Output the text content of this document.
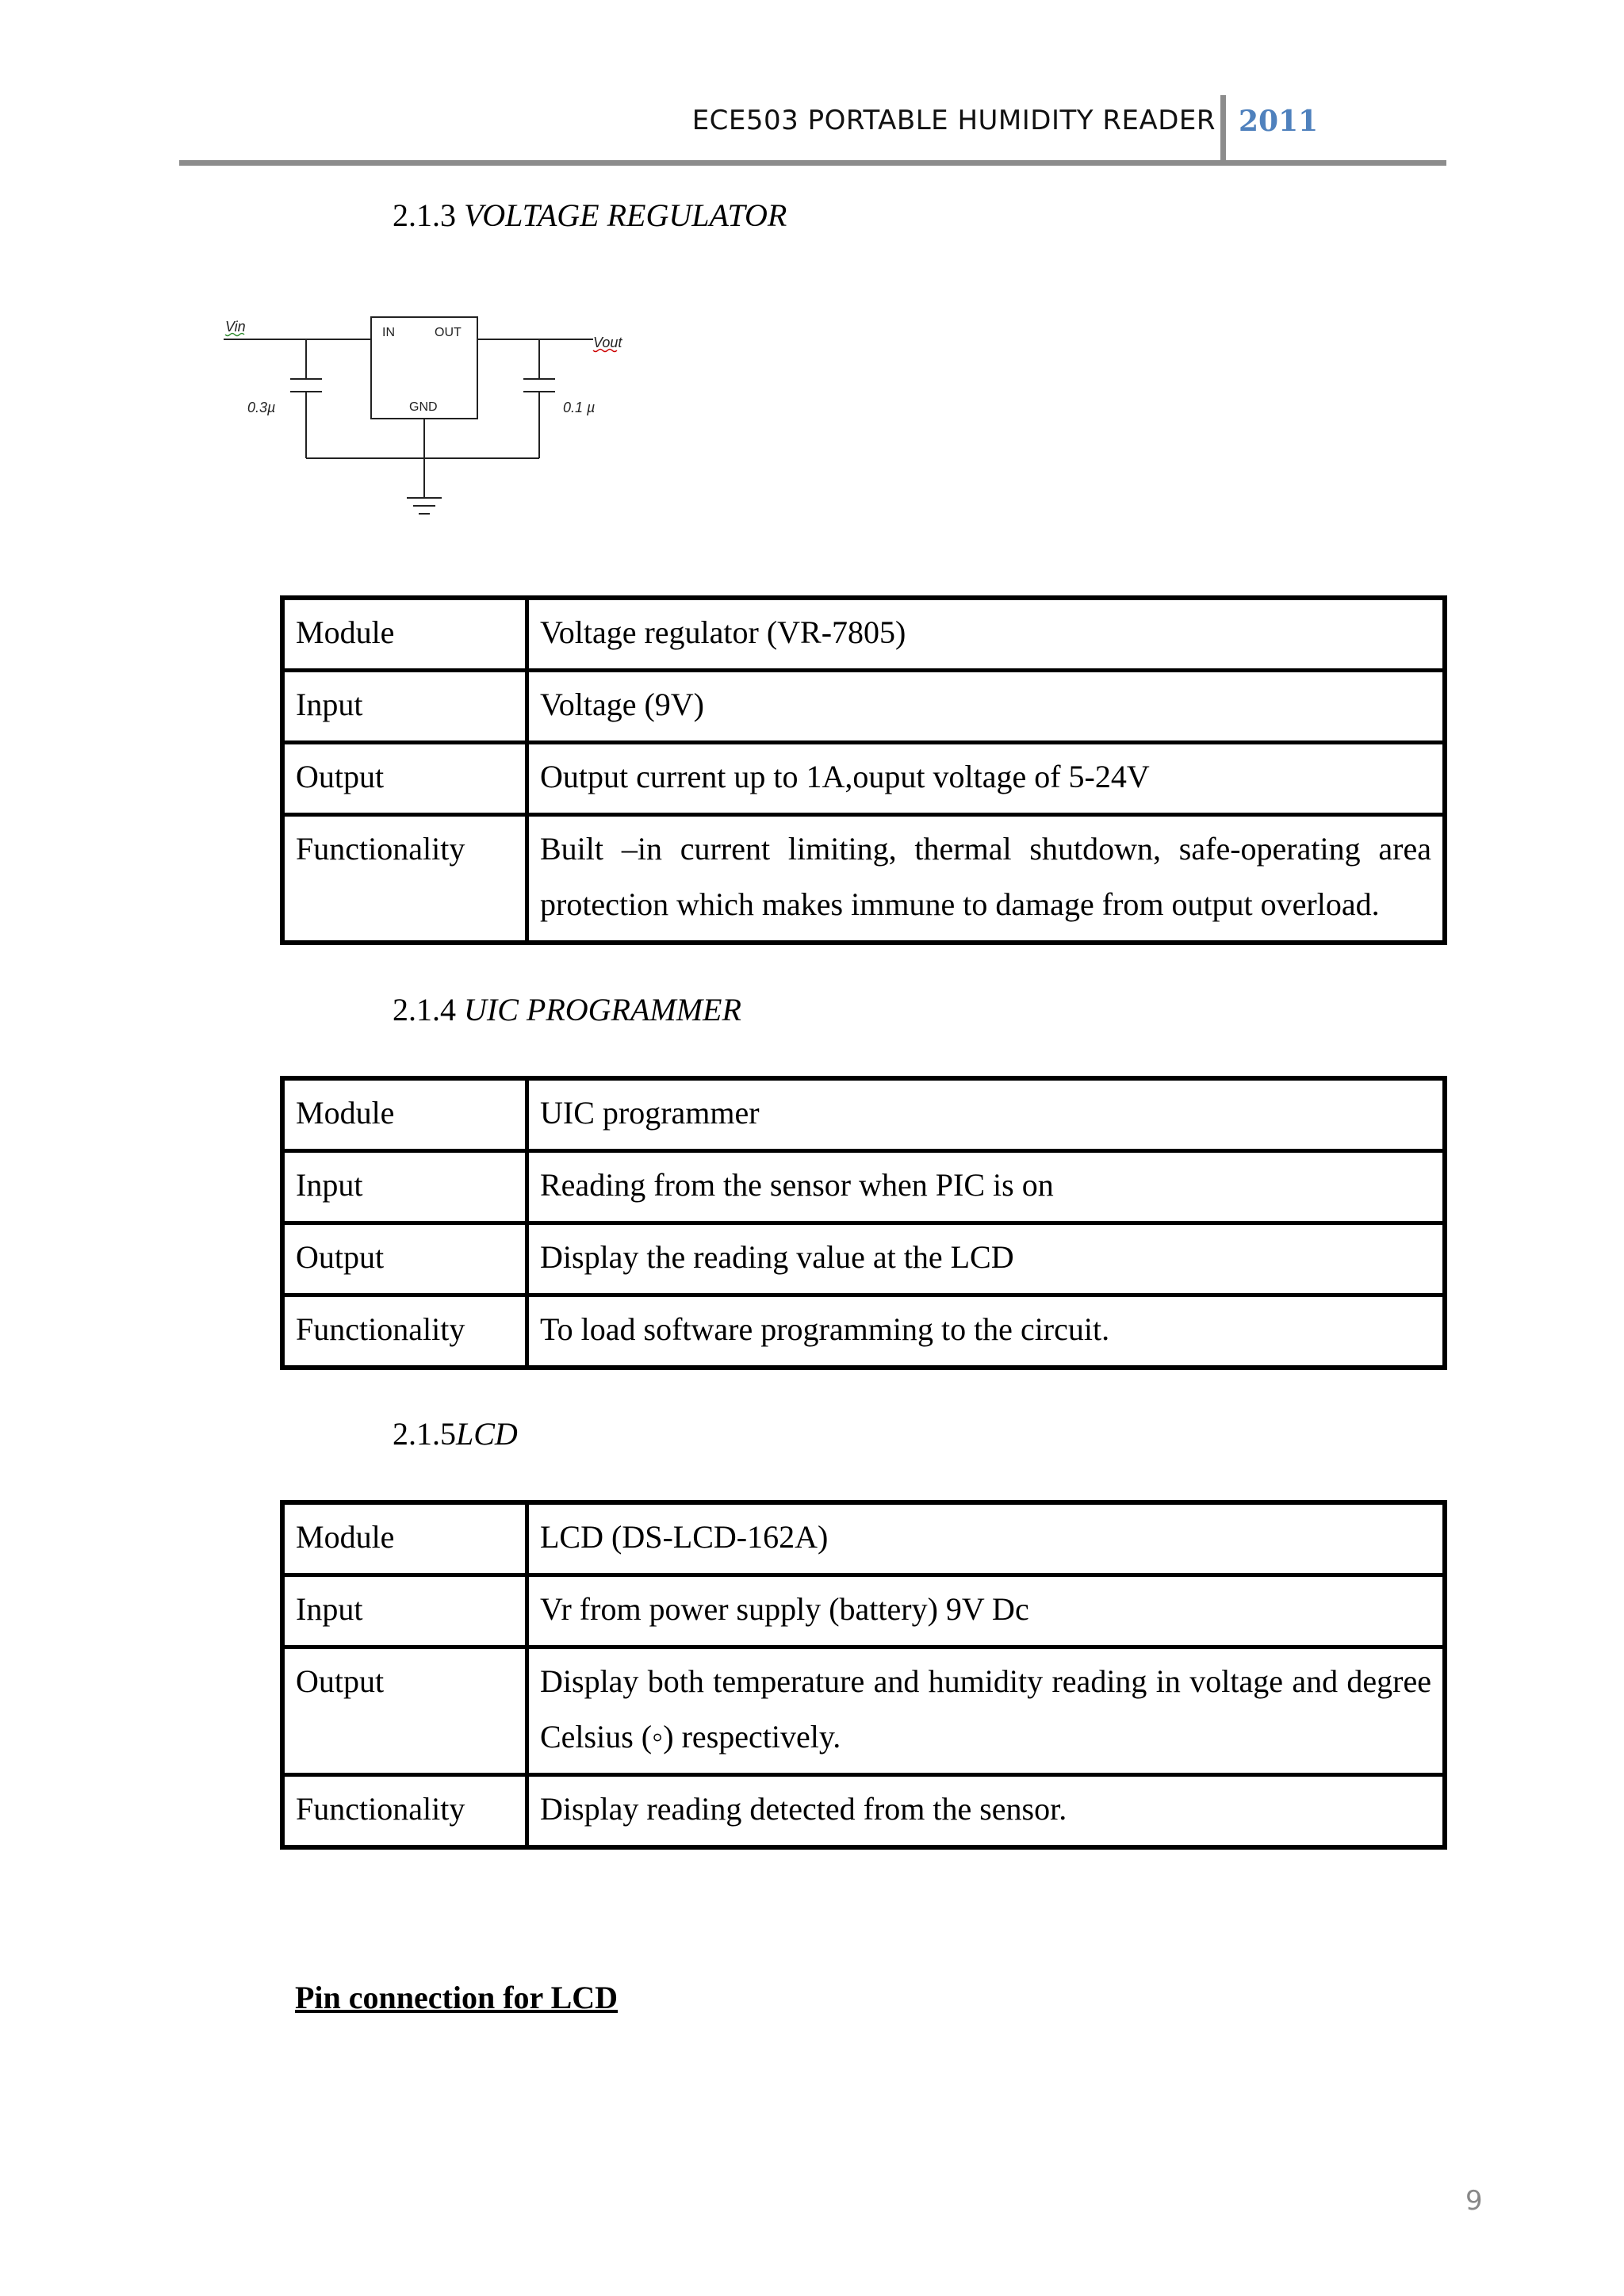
ECE503 PORTABLE HUMIDITY READER 2011
2.1.3 VOLTAGE REGULATOR
Vin
Vout
IN	OUT
GND
0.3µ	0.1 µ
Module	Voltage regulator (VR-7805)
Input	Voltage (9V)
Output	Output current up to 1A,ouput voltage of 5-24V
Functionality	Built –in current limiting, thermal shutdown, safe-operating area protection which makes immune to damage from output overload.
2.1.4 UIC PROGRAMMER
Module	UIC programmer
Input	Reading from the sensor when PIC is on
Output	Display the reading value at the LCD
Functionality	To load software programming to the circuit.
2.1.5LCD
Module	LCD (DS-LCD-162A)
Input	Vr from power supply (battery) 9V Dc
Output	Display both temperature and humidity reading in voltage and degree Celsius (◦) respectively.
Functionality	Display reading detected from the sensor.
Pin connection for LCD
9
